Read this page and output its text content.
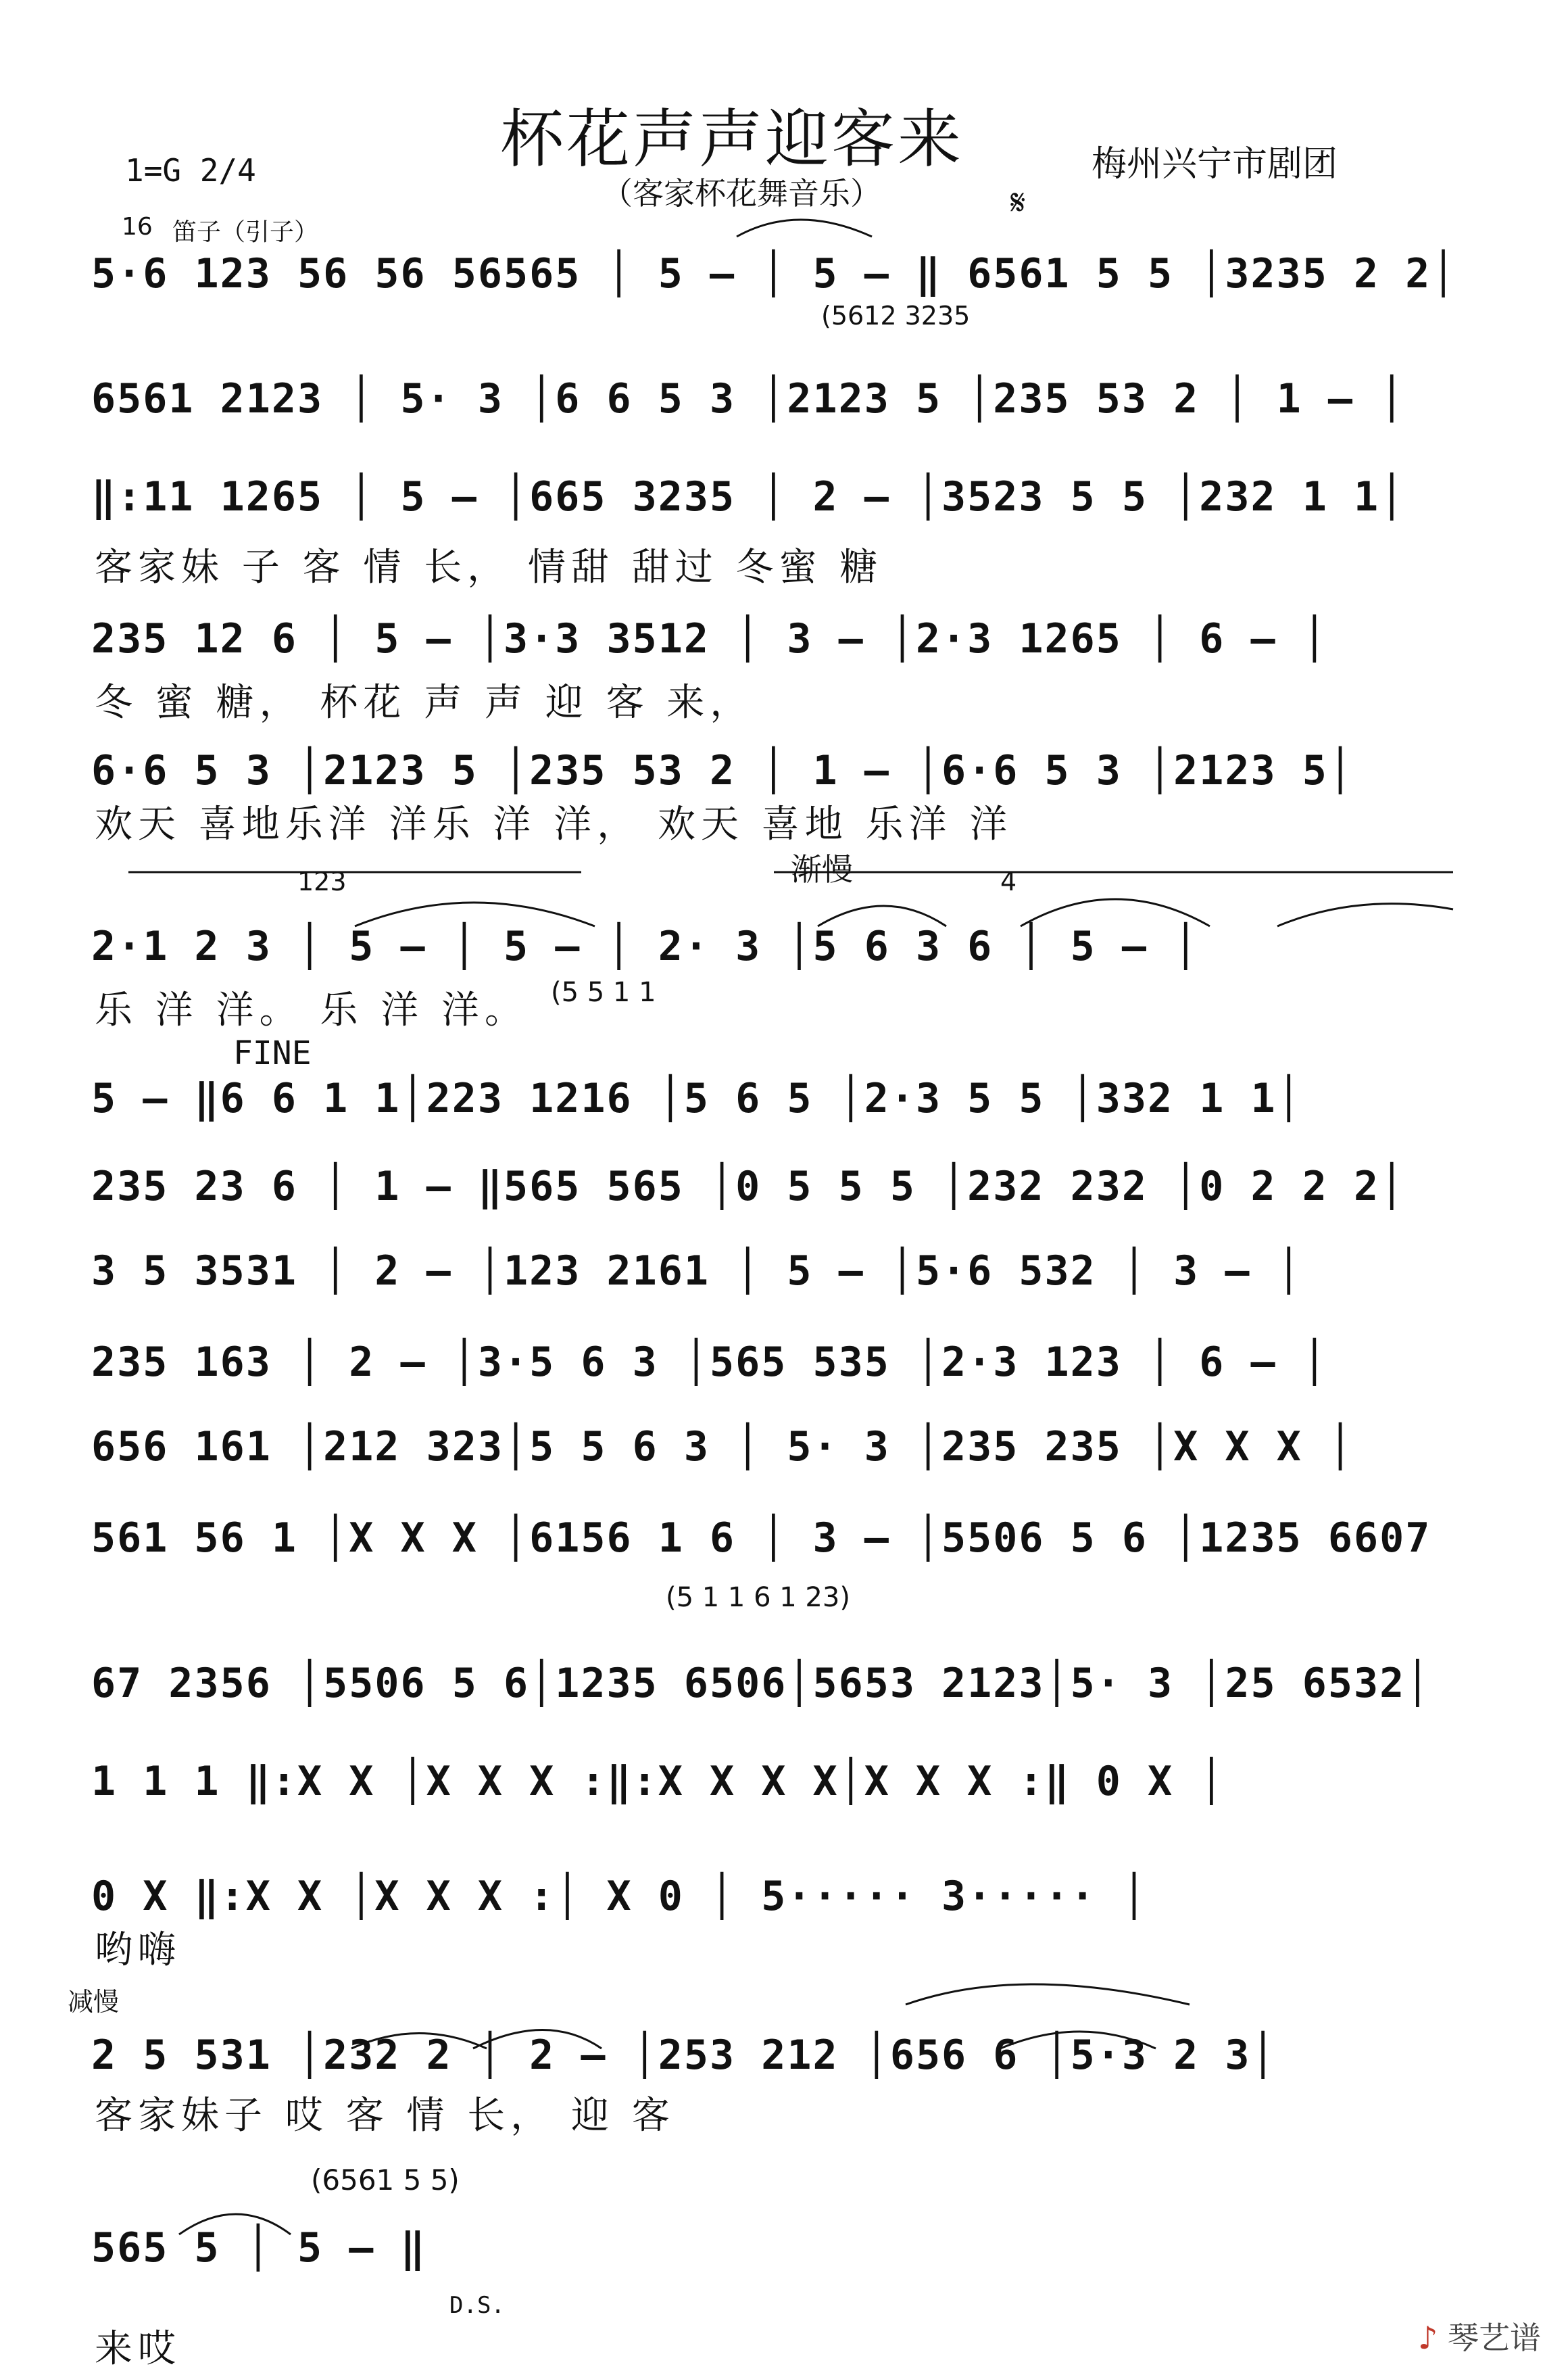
杯花声声迎客来
（客家杯花舞音乐）
梅州兴宁市剧团
1=G 2/4
16 笛子（引子）
𝄋
5·6 123 56 56 56565 │ 5 – │ 5 – ‖ 6561 5 5 │3235 2 2│
(5612 3235
6561 2123 │ 5· 3 │6 6 5 3 │2123 5 │235 53 2 │ 1 – │
‖:11 1265 │ 5 – │665 3235 │ 2 – │3523 5 5 │232 1 1│
客家妹 子 客 情 长， 情甜 甜过 冬蜜 糖
235 12 6 │ 5 – │3·3 3512 │ 3 – │2·3 1265 │ 6 – │
冬 蜜 糖， 杯花 声 声 迎 客 来，
6·6 5 3 │2123 5 │235 53 2 │ 1 – │6·6 5 3 │2123 5│
欢天 喜地乐洋 洋乐 洋 洋， 欢天 喜地 乐洋 洋
123	渐慢	4
2·1 2 3 │ 5 – │ 5 – │ 2· 3 │5 6 3 6 │ 5 – │
(5 5 1 1
乐 洋 洋。 乐 洋 洋。
FINE
5 – ‖6 6 1 1│223 1216 │5 6 5 │2·3 5 5 │332 1 1│
235 23 6 │ 1 – ‖565 565 │0 5 5 5 │232 232 │0 2 2 2│
3 5 3531 │ 2 – │123 2161 │ 5 – │5·6 532 │ 3 – │
235 163 │ 2 – │3·5 6 3 │565 535 │2·3 123 │ 6 – │
656 161 │212 323│5 5 6 3 │ 5· 3 │235 235 │X X X │
561 56 1 │X X X │6156 1 6 │ 3 – │5506 5 6 │1235 6607
(5 1 1 6 1 23)
67 2356 │5506 5 6│1235 6506│5653 2123│5· 3 │25 6532│
1 1 1 ‖:X X │X X X :‖:X X X X│X X X :‖ 0 X │
0 X ‖:X X │X X X :│ X 0 │ 5····· 3····· │
哟嗨
减慢
2 5 531 │232 2 │ 2 – │253 212 │656 6 │5·3 2 3│
客家妹子 哎 客 情 长， 迎 客
(6561 5 5)
565 5 │ 5 – ‖
D.S.
来哎	♪ 琴艺谱
